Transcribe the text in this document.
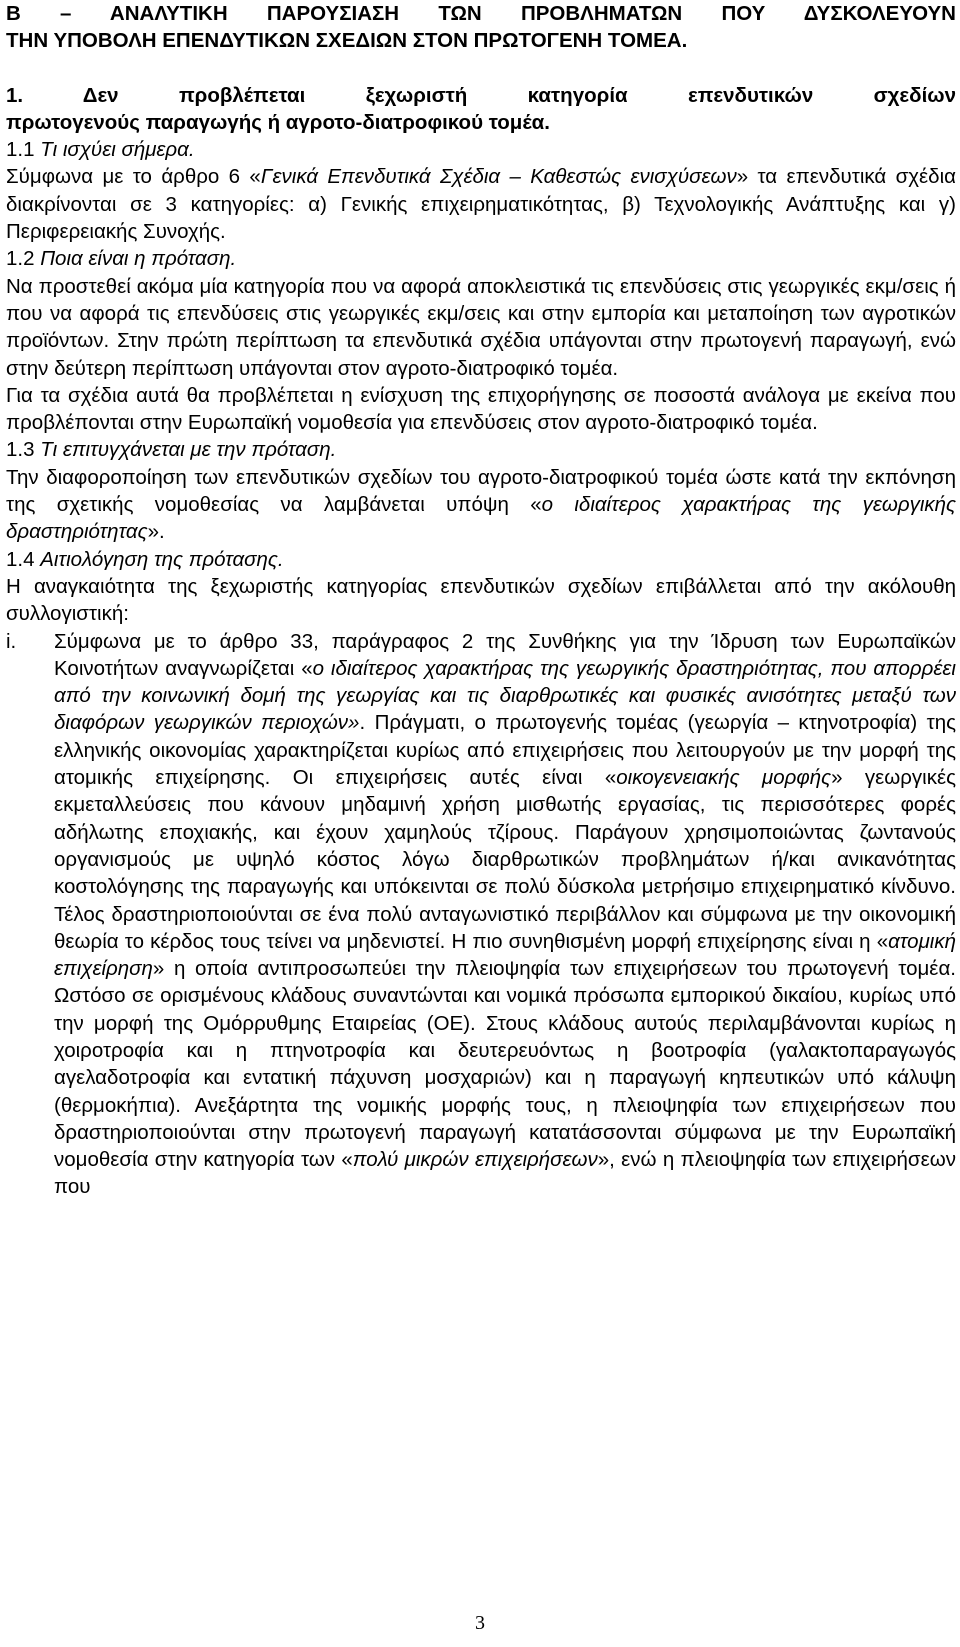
Β – ΑΝΑΛΥΤΙΚΗ ΠΑΡΟΥΣΙΑΣΗ ΤΩΝ ΠΡΟΒΛΗΜΑΤΩΝ ΠΟΥ ΔΥΣΚΟΛΕΥΟΥΝ
ΤΗΝ ΥΠΟΒΟΛΗ ΕΠΕΝΔΥΤΙΚΩΝ ΣΧΕΔΙΩΝ ΣΤΟΝ ΠΡΩΤΟΓΕΝΗ ΤΟΜΕΑ.
1. Δεν προβλέπεται ξεχωριστή κατηγορία επενδυτικών σχεδίων
πρωτογενούς παραγωγής ή αγροτο-διατροφικού τομέα.

1.1 Τι ισχύει σήμερα.

Σύμφωνα με το άρθρο 6 «Γενικά Επενδυτικά Σχέδια – Καθεστώς ενισχύσεων» τα επενδυτικά σχέδια διακρίνονται σε 3 κατηγορίες: α) Γενικής επιχειρηματικότητας, β) Τεχνολογικής Ανάπτυξης και γ) Περιφερειακής Συνοχής.

1.2 Ποια είναι η πρόταση.

Να προστεθεί ακόμα μία κατηγορία που να αφορά αποκλειστικά τις επενδύσεις στις γεωργικές εκμ/σεις ή που να αφορά τις επενδύσεις στις γεωργικές εκμ/σεις και στην εμπορία και μεταποίηση των αγροτικών προϊόντων. Στην πρώτη περίπτωση τα επενδυτικά σχέδια υπάγονται στην πρωτογενή παραγωγή, ενώ στην δεύτερη περίπτωση υπάγονται στον αγροτο-διατροφικό τομέα.

Για τα σχέδια αυτά θα προβλέπεται η ενίσχυση της επιχορήγησης σε ποσοστά ανάλογα με εκείνα που προβλέπονται στην Ευρωπαϊκή νομοθεσία για επενδύσεις στον αγροτο-διατροφικό τομέα.

1.3 Τι επιτυγχάνεται με την πρόταση.

Την διαφοροποίηση των επενδυτικών σχεδίων του αγροτο-διατροφικού τομέα ώστε κατά την εκπόνηση της σχετικής νομοθεσίας να λαμβάνεται υπόψη «ο ιδιαίτερος χαρακτήρας της γεωργικής δραστηριότητας».

1.4 Αιτιολόγηση της πρότασης.

Η αναγκαιότητα της ξεχωριστής κατηγορίας επενδυτικών σχεδίων επιβάλλεται από την ακόλουθη συλλογιστική:

i.	Σύμφωνα με το άρθρο 33, παράγραφος 2 της Συνθήκης για την Ίδρυση των Ευρωπαϊκών Κοινοτήτων αναγνωρίζεται «ο ιδιαίτερος χαρακτήρας της γεωργικής δραστηριότητας, που απορρέει από την κοινωνική δομή της γεωργίας και τις διαρθρωτικές και φυσικές ανισότητες μεταξύ των διαφόρων γεωργικών περιοχών». Πράγματι, ο πρωτογενής τομέας (γεωργία – κτηνοτροφία) της ελληνικής οικονομίας χαρακτηρίζεται κυρίως από επιχειρήσεις που λειτουργούν με την μορφή της ατομικής επιχείρησης. Οι επιχειρήσεις αυτές είναι «οικογενειακής μορφής» γεωργικές εκμεταλλεύσεις που κάνουν μηδαμινή χρήση μισθωτής εργασίας, τις περισσότερες φορές αδήλωτης εποχιακής, και έχουν χαμηλούς τζίρους. Παράγουν χρησιμοποιώντας ζωντανούς οργανισμούς με υψηλό κόστος λόγω διαρθρωτικών προβλημάτων ή/και ανικανότητας κοστολόγησης της παραγωγής και υπόκεινται σε πολύ δύσκολα μετρήσιμο επιχειρηματικό κίνδυνο. Τέλος δραστηριοποιούνται σε ένα πολύ ανταγωνιστικό περιβάλλον και σύμφωνα με την οικονομική θεωρία το κέρδος τους τείνει να μηδενιστεί. Η πιο συνηθισμένη μορφή επιχείρησης είναι η «ατομική επιχείρηση» η οποία αντιπροσωπεύει την πλειοψηφία των επιχειρήσεων του πρωτογενή τομέα. Ωστόσο σε ορισμένους κλάδους συναντώνται και νομικά πρόσωπα εμπορικού δικαίου, κυρίως υπό την μορφή της Ομόρρυθμης Εταιρείας (ΟΕ). Στους κλάδους αυτούς περιλαμβάνονται κυρίως η χοιροτροφία και η πτηνοτροφία και δευτερευόντως η βοοτροφία (γαλακτοπαραγωγός αγελαδοτροφία και εντατική πάχυνση μοσχαριών) και η παραγωγή κηπευτικών υπό κάλυψη (θερμοκήπια). Ανεξάρτητα της νομικής μορφής τους, η πλειοψηφία των επιχειρήσεων που δραστηριοποιούνται στην πρωτογενή παραγωγή κατατάσσονται σύμφωνα με την Ευρωπαϊκή νομοθεσία στην κατηγορία των «πολύ μικρών επιχειρήσεων», ενώ η πλειοψηφία των επιχειρήσεων που
3
